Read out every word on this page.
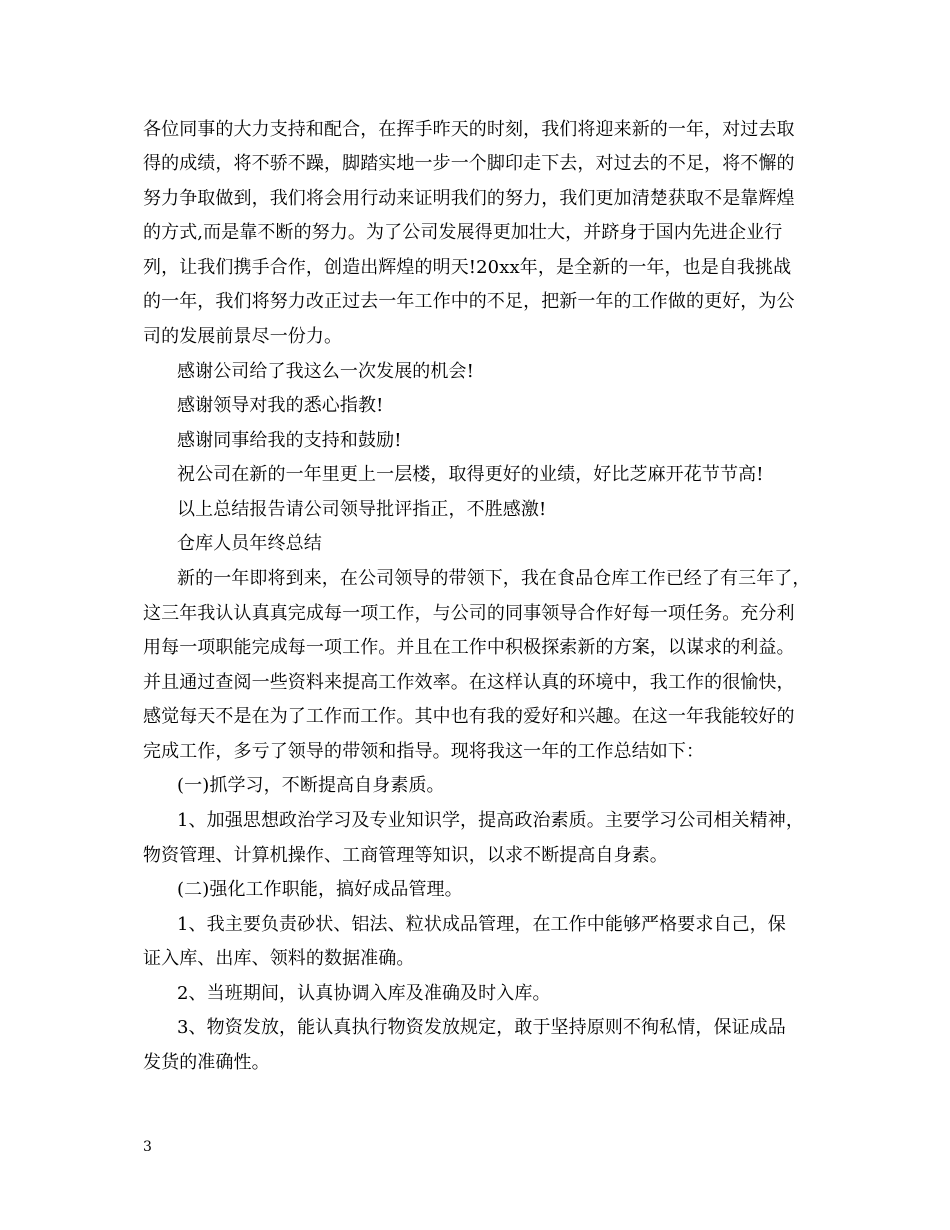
各位同事的大力支持和配合，在挥手昨天的时刻，我们将迎来新的一年，对过去取
得的成绩，将不骄不躁，脚踏实地一步一个脚印走下去，对过去的不足，将不懈的
努力争取做到，我们将会用行动来证明我们的努力，我们更加清楚获取不是靠辉煌
的方式,而是靠不断的努力。为了公司发展得更加壮大，并跻身于国内先进企业行
列，让我们携手合作，创造出辉煌的明天!20xx年，是全新的一年，也是自我挑战
的一年，我们将努力改正过去一年工作中的不足，把新一年的工作做的更好，为公
司的发展前景尽一份力。
感谢公司给了我这么一次发展的机会!
感谢领导对我的悉心指教!
感谢同事给我的支持和鼓励!
祝公司在新的一年里更上一层楼，取得更好的业绩，好比芝麻开花节节高!
以上总结报告请公司领导批评指正，不胜感激!
仓库人员年终总结
新的一年即将到来，在公司领导的带领下，我在食品仓库工作已经了有三年了，
这三年我认认真真完成每一项工作，与公司的同事领导合作好每一项任务。充分利
用每一项职能完成每一项工作。并且在工作中积极探索新的方案，以谋求的利益。
并且通过查阅一些资料来提高工作效率。在这样认真的环境中，我工作的很愉快，
感觉每天不是在为了工作而工作。其中也有我的爱好和兴趣。在这一年我能较好的
完成工作，多亏了领导的带领和指导。现将我这一年的工作总结如下：
(一)抓学习，不断提高自身素质。
1、加强思想政治学习及专业知识学，提高政治素质。主要学习公司相关精神，
物资管理、计算机操作、工商管理等知识，以求不断提高自身素。
(二)强化工作职能，搞好成品管理。
1、我主要负责砂状、铝法、粒状成品管理，在工作中能够严格要求自己，保
证入库、出库、领料的数据准确。
2、当班期间，认真协调入库及准确及时入库。
3、物资发放，能认真执行物资发放规定，敢于坚持原则不徇私情，保证成品
发货的准确性。
3
